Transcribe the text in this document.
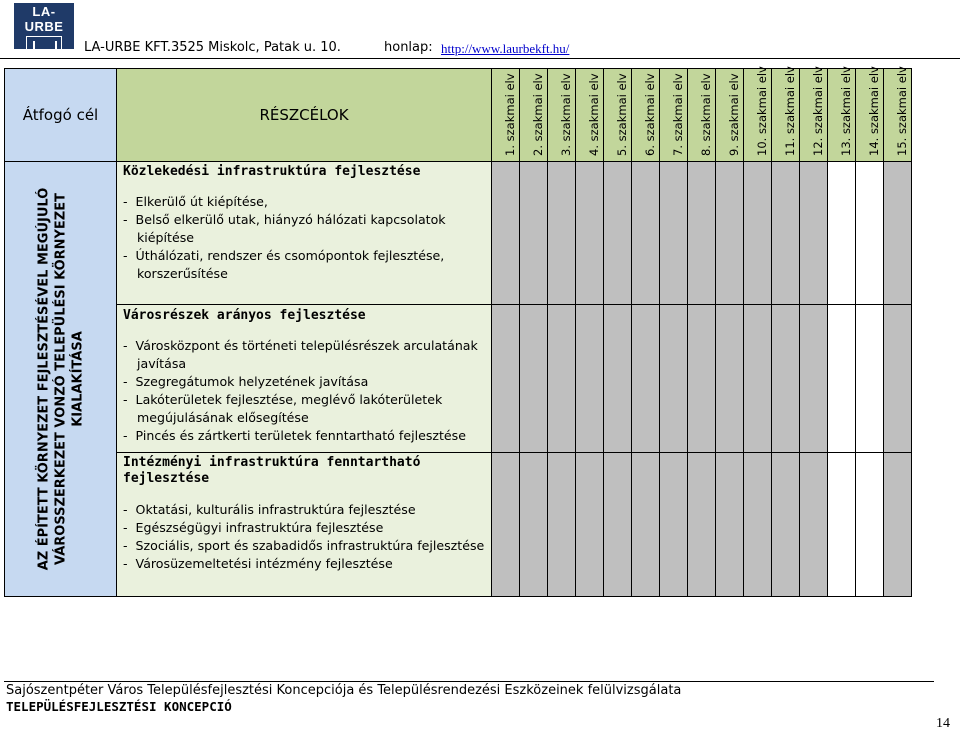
LA-URBE
ÉRTÉKSZINTŰ
LA-URBE KFT.3525 Miskolc, Patak u. 10.	honlap: http://www.laurbekft.hu/
Átfogó cél	RÉSZCÉLOK	1. szakmai elv	2. szakmai elv	3. szakmai elv	4. szakmai elv	5. szakmai elv	6. szakmai elv	7. szakmai elv	8. szakmai elv	9. szakmai elv	10. szakmai elv	11. szakmai elv	12. szakmai elv	13. szakmai elv	14. szakmai elv	15. szakmai elv

AZ ÉPÍTETT KÖRNYEZET FEJLESZTÉSÉVEL MEGÚJULÓ VÁROSSZERKEZET VONZÓ TELEPÜLÉSI KÖRNYEZET KIALAKÍTÁSA	Közlekedési infrastruktúra fejlesztése
-  Elkerülő út kiépítése,
-  Belső elkerülő utak, hiányzó hálózati kapcsolatok kiépítése
-  Úthálózati, rendszer és csomópontok fejlesztése, korszerűsítése															

	Városrészek arányos fejlesztése
-  Városközpont és történeti településrészek arculatának javítása
-  Szegregátumok helyzetének javítása
-  Lakóterületek fejlesztése, meglévő lakóterületek megújulásának elősegítése
-  Pincés és zártkerti területek fenntartható fejlesztése															

	Intézményi infrastruktúra fenntartható fejlesztése
-  Oktatási, kulturális infrastruktúra fejlesztése
-  Egészségügyi infrastruktúra fejlesztése
-  Szociális, sport és szabadidős infrastruktúra fejlesztése
-  Városüzemeltetési intézmény fejlesztése															

Sajószentpéter Város Településfejlesztési Koncepciója és Településrendezési Eszközeinek felülvizsgálata
TELEPÜLÉSFEJLESZTÉSI KONCEPCIÓ
14
